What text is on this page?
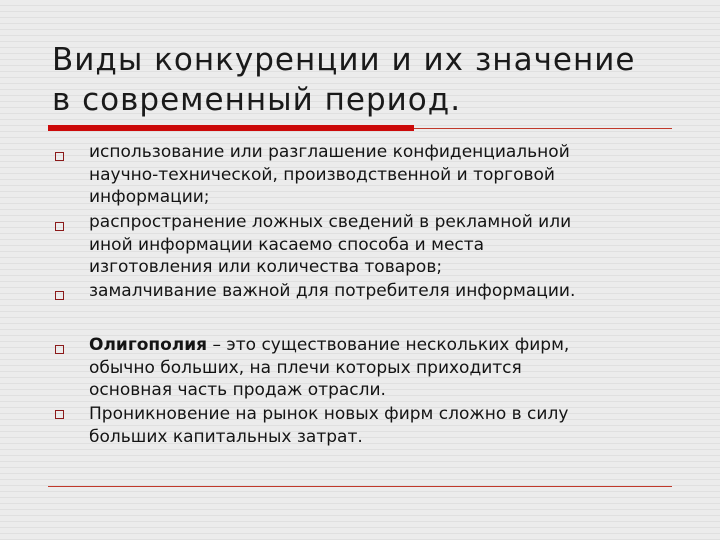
Виды конкуренции и их значение
в современный период.
использование или разглашение конфиденциальной
научно-технической, производственной и торговой
информации;
распространение ложных сведений в рекламной или
иной информации касаемо способа и места
изготовления или количества товаров;
замалчивание важной для потребителя информации.
Олигополия – это существование нескольких фирм,
обычно больших, на плечи которых приходится
основная часть продаж отрасли.
Проникновение на рынок новых фирм сложно в силу
больших капитальных затрат.
